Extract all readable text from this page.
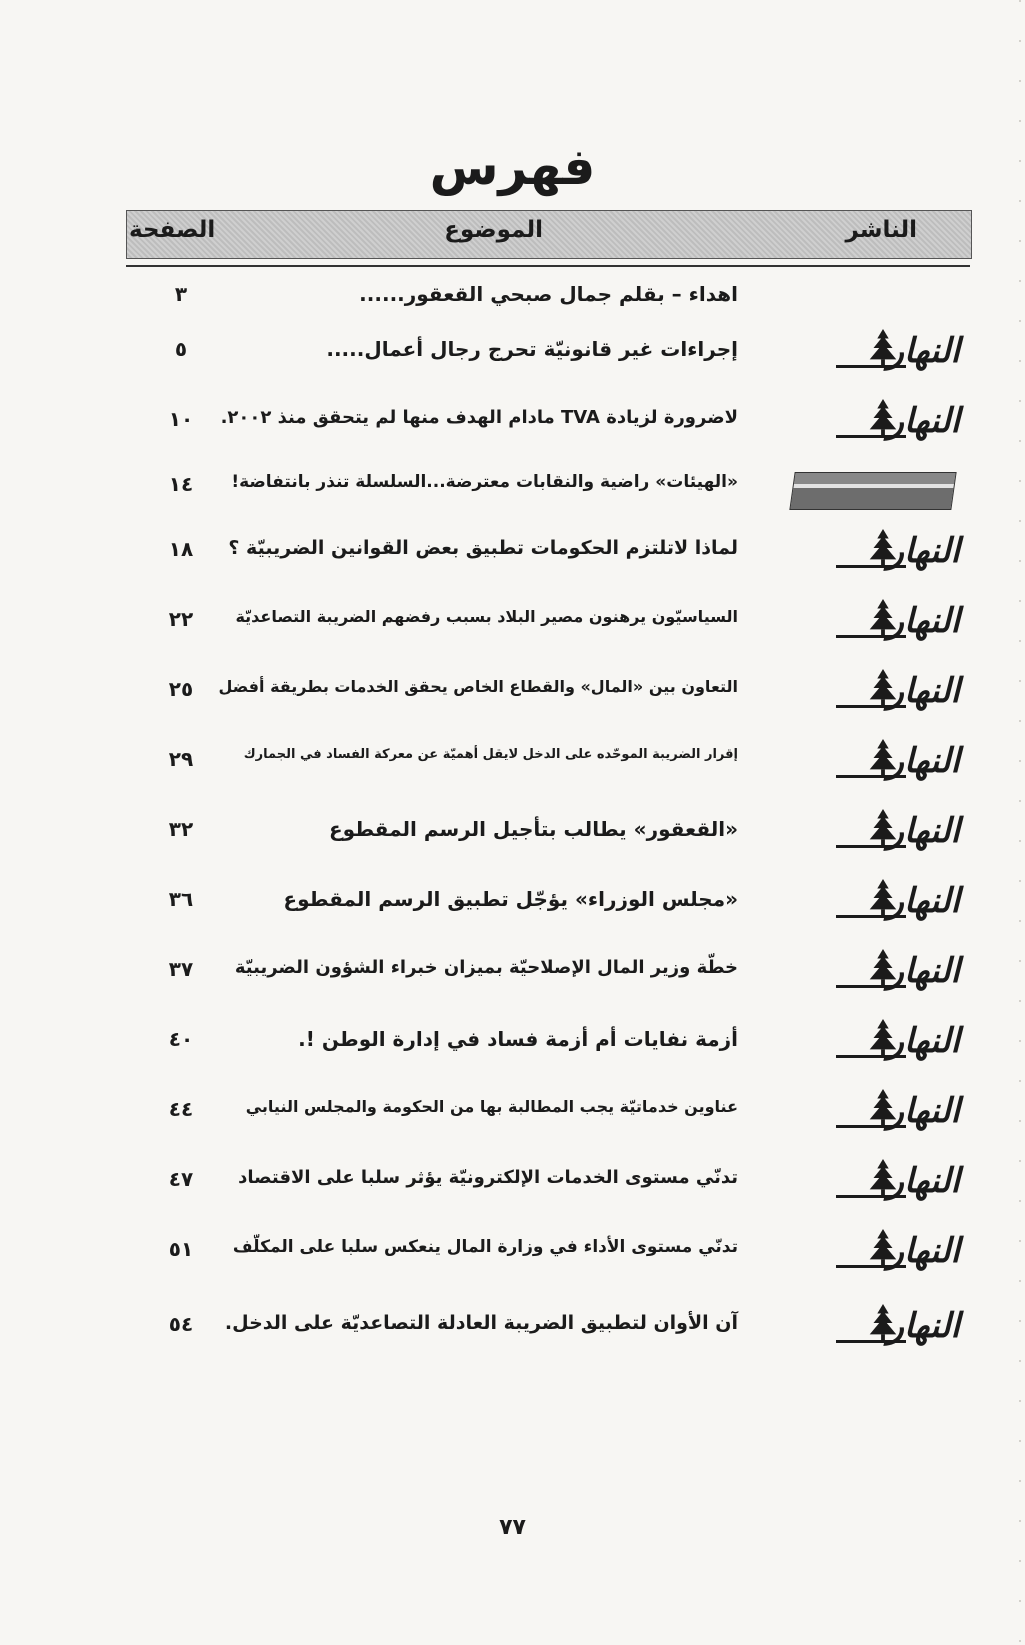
فهرس
الناشر
الموضوع
الصفحة
اهداء – بقلم جمال صبحي القعقور......
٣
النهار
إجراءات غير قانونيّة تحرج رجال أعمال.....
٥
النهار
لاضرورة لزيادة TVA مادام الهدف منها لم يتحقق منذ ٢٠٠٢.
١٠
«الهيئات» راضية والنقابات معترضة...السلسلة تنذر بانتفاضة!
١٤
النهار
لماذا لاتلتزم الحكومات تطبيق بعض القوانين الضريبيّة ؟
١٨
النهار
السياسيّون يرهنون مصير البلاد بسبب رفضهم الضريبة التصاعديّة
٢٢
النهار
التعاون بين «المال» والقطاع الخاص يحقق الخدمات بطريقة أفضل
٢٥
النهار
إقرار الضريبة الموحّده على الدخل لايقل أهميّة عن معركة الفساد في الجمارك
٢٩
النهار
«القعقور» يطالب بتأجيل الرسم المقطوع
٣٢
النهار
«مجلس الوزراء» يؤجّل تطبيق الرسم المقطوع
٣٦
النهار
خطّة وزير المال الإصلاحيّة بميزان خبراء الشؤون الضريبيّة
٣٧
النهار
أزمة نفايات أم أزمة فساد في إدارة الوطن !.
٤٠
النهار
عناوين خدماتيّة يجب المطالبة بها من الحكومة والمجلس النيابي
٤٤
النهار
تدنّي مستوى الخدمات الإلكترونيّة يؤثر سلبا على الاقتصاد
٤٧
النهار
تدنّي مستوى الأداء في وزارة المال ينعكس سلبا على المكلّف
٥١
النهار
آن الأوان لتطبيق الضريبة العادلة التصاعديّة على الدخل.
٥٤
٧٧
